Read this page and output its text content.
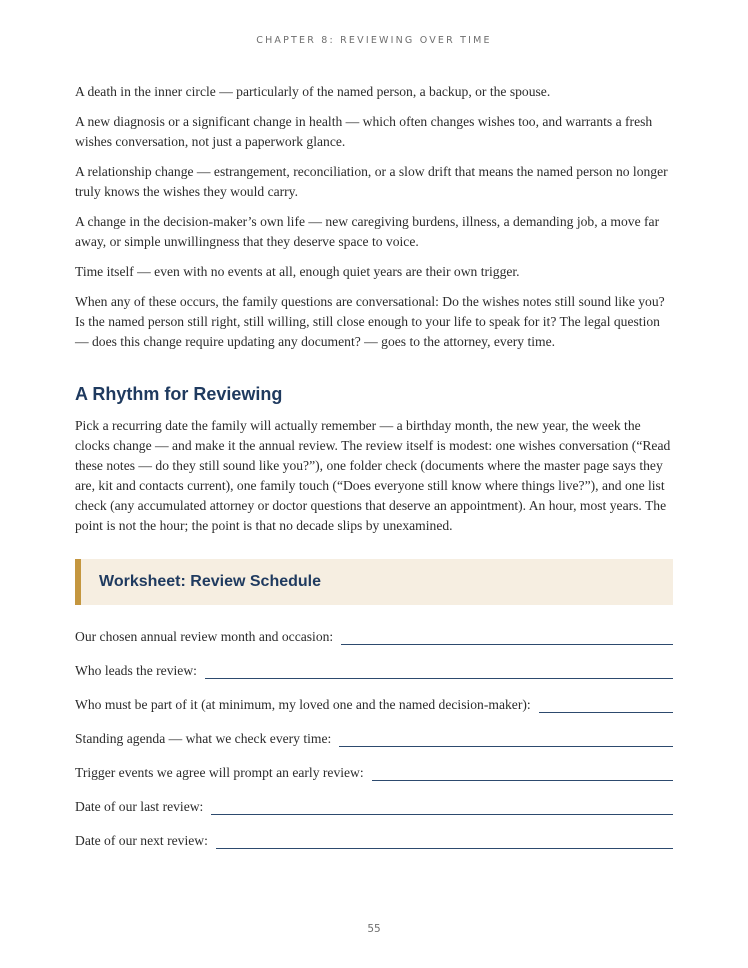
CHAPTER 8: REVIEWING OVER TIME

A death in the inner circle — particularly of the named person, a backup, or the spouse.

A new diagnosis or a significant change in health — which often changes wishes too, and warrants a fresh wishes conversation, not just a paperwork glance.

A relationship change — estrangement, reconciliation, or a slow drift that means the named person no longer truly knows the wishes they would carry.

A change in the decision-maker’s own life — new caregiving burdens, illness, a demanding job, a move far away, or simple unwillingness that they deserve space to voice.

Time itself — even with no events at all, enough quiet years are their own trigger.

When any of these occurs, the family questions are conversational: Do the wishes notes still sound like you? Is the named person still right, still willing, still close enough to your life to speak for it? The legal question — does this change require updating any document? — goes to the attorney, every time.

A Rhythm for Reviewing

Pick a recurring date the family will actually remember — a birthday month, the new year, the week the clocks change — and make it the annual review. The review itself is modest: one wishes conversation (“Read these notes — do they still sound like you?”), one folder check (documents where the master page says they are, kit and contacts current), one family touch (“Does everyone still know where things live?”), and one list check (any accumulated attorney or doctor questions that deserve an appointment). An hour, most years. The point is not the hour; the point is that no decade slips by unexamined.

Worksheet: Review Schedule
Our chosen annual review month and occasion:
Who leads the review:
Who must be part of it (at minimum, my loved one and the named decision-maker):
Standing agenda — what we check every time:
Trigger events we agree will prompt an early review:
Date of our last review:
Date of our next review:
55
